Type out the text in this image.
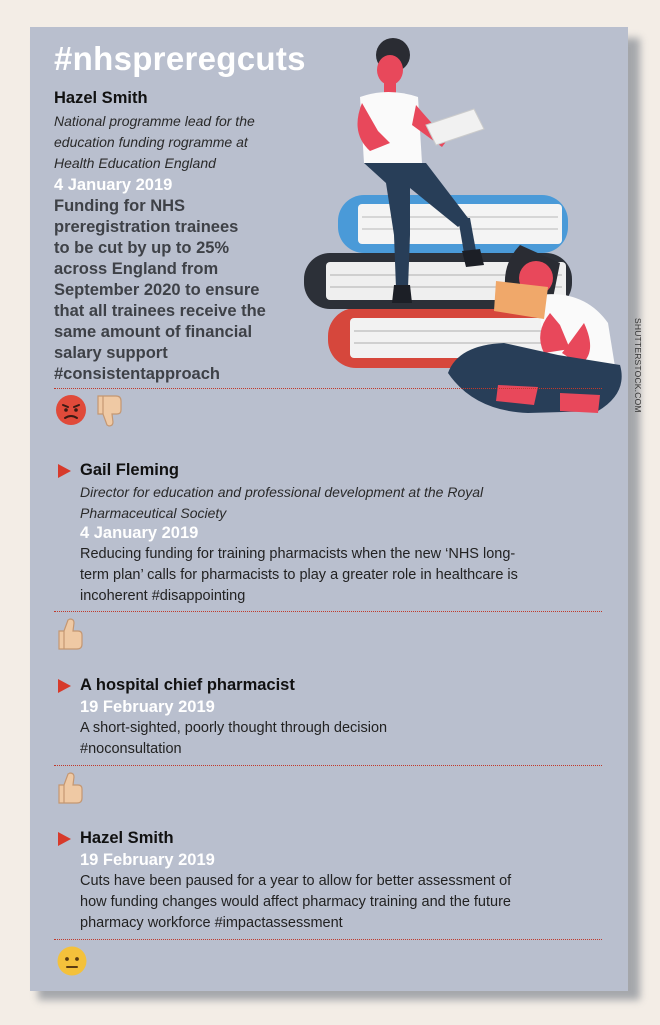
#nhspreregcuts
Hazel Smith
National programme lead for the
education funding rogramme at
Health Education England
4 January 2019
Funding for NHS
preregistration trainees
to be cut by up to 25%
across England from
September 2020 to ensure
that all trainees receive the
same amount of financial
salary support
#consistentapproach
Gail Fleming
Director for education and professional development at the Royal
Pharmaceutical Society
4 January 2019
Reducing funding for training pharmacists when the new ‘NHS long-
term plan’ calls for pharmacists to play a greater role in healthcare is
incoherent #disappointing
A hospital chief pharmacist
19 February 2019
A short-sighted, poorly thought through decision
#noconsultation
Hazel Smith
19 February 2019
Cuts have been paused for a year to allow for better assessment of
how funding changes would affect pharmacy training and the future
pharmacy workforce #impactassessment
SHUTTERSTOCK.COM
